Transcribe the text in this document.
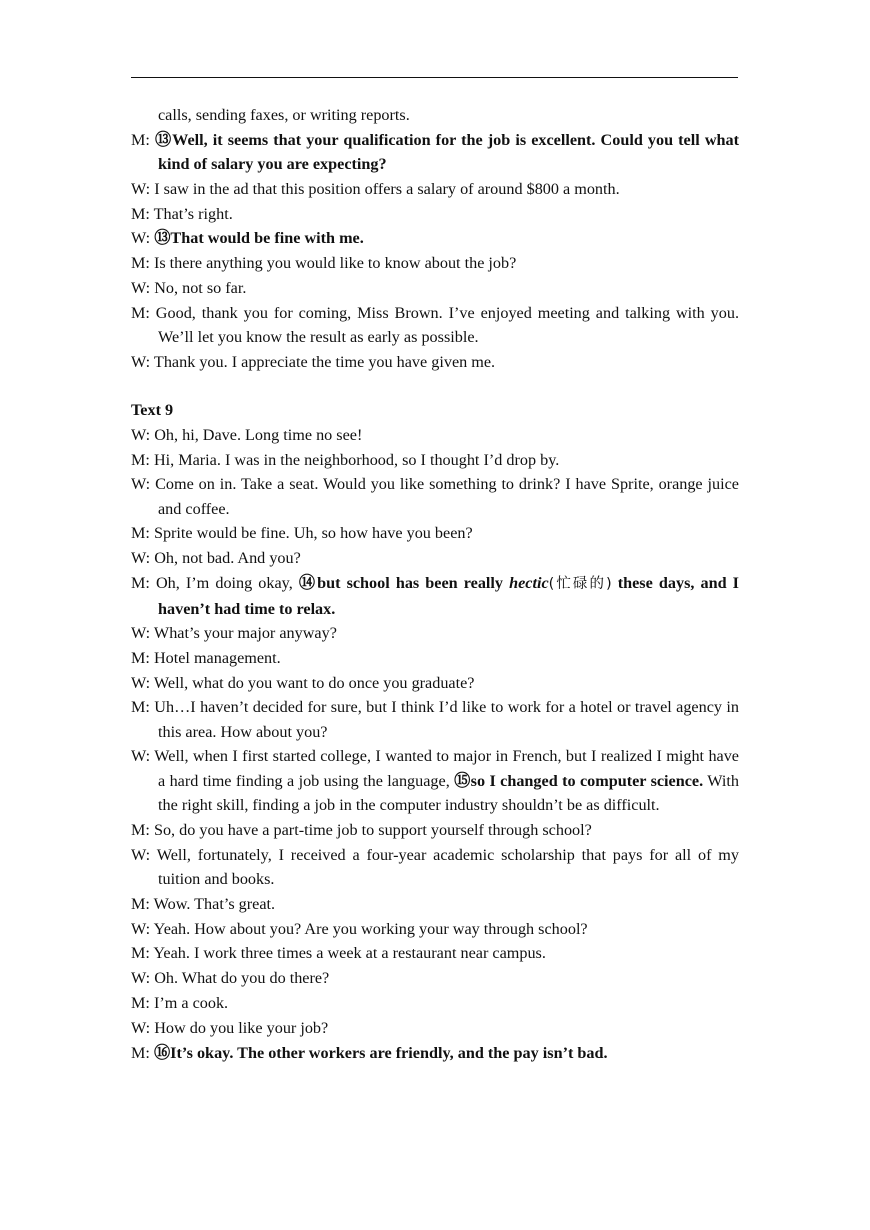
calls, sending faxes, or writing reports.

M: ⑬Well, it seems that your qualification for the job is excellent. Could you tell what kind of salary you are expecting?

W: I saw in the ad that this position offers a salary of around $800 a month.

M: That’s right.

W: ⑬That would be fine with me.

M: Is there anything you would like to know about the job?

W: No, not so far.

M: Good, thank you for coming, Miss Brown. I’ve enjoyed meeting and talking with you. We’ll let you know the result as early as possible.

W: Thank you. I appreciate the time you have given me.

Text 9

W: Oh, hi, Dave. Long time no see!

M: Hi, Maria. I was in the neighborhood, so I thought I’d drop by.

W: Come on in. Take a seat. Would you like something to drink? I have Sprite, orange juice and coffee.

M: Sprite would be fine. Uh, so how have you been?

W: Oh, not bad. And you?

M: Oh, I’m doing okay, ⑭but school has been really hectic(忙碌的) these days, and I haven’t had time to relax.

W: What’s your major anyway?

M: Hotel management.

W: Well, what do you want to do once you graduate?

M: Uh…I haven’t decided for sure, but I think I’d like to work for a hotel or travel agency in this area. How about you?

W: Well, when I first started college, I wanted to major in French, but I realized I might have a hard time finding a job using the language, ⑮so I changed to computer science. With the right skill, finding a job in the computer industry shouldn’t be as difficult.

M: So, do you have a part-time job to support yourself through school?

W: Well, fortunately, I received a four-year academic scholarship that pays for all of my tuition and books.

M: Wow. That’s great.

W: Yeah. How about you? Are you working your way through school?

M: Yeah. I work three times a week at a restaurant near campus.

W: Oh. What do you do there?

M: I’m a cook.

W: How do you like your job?

M: ⑯It’s okay. The other workers are friendly, and the pay isn’t bad.
